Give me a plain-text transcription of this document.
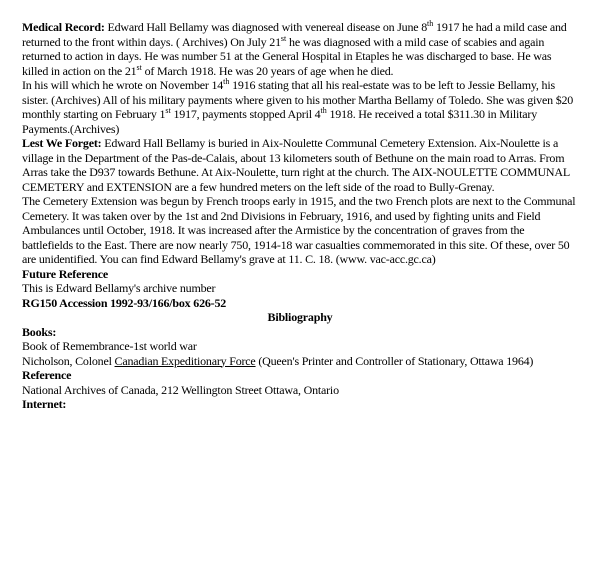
Medical Record: Edward Hall Bellamy was diagnosed with venereal disease on June 8th 1917 he had a mild case and returned to the front within days. ( Archives) On July 21st he was diagnosed with a mild case of scabies and again returned to action in days. He was number 51 at the General Hospital in Etaples he was discharged to base. He was killed in action on the 21st of March 1918. He was 20 years of age when he died.

In his will which he wrote on November 14th 1916 stating that all his real-estate was to be left to Jessie Bellamy, his sister. (Archives) All of his military payments where given to his mother Martha Bellamy of Toledo. She was given $20 monthly starting on February 1st 1917, payments stopped April 4th 1918. He received a total $311.30 in Military Payments.(Archives)

Lest We Forget: Edward Hall Bellamy is buried in Aix-Noulette Communal Cemetery Extension. Aix-Noulette is a village in the Department of the Pas-de-Calais, about 13 kilometers south of Bethune on the main road to Arras. From Arras take the D937 towards Bethune. At Aix-Noulette, turn right at the church. The AIX-NOULETTE COMMUNAL CEMETERY and EXTENSION are a few hundred meters on the left side of the road to Bully-Grenay.
The Cemetery Extension was begun by French troops early in 1915, and the two French plots are next to the Communal Cemetery. It was taken over by the 1st and 2nd Divisions in February, 1916, and used by fighting units and Field Ambulances until October, 1918. It was increased after the Armistice by the concentration of graves from the battlefields to the East. There are now nearly 750, 1914-18 war casualties commemorated in this site. Of these, over 50 are unidentified. You can find Edward Bellamy's grave at 11. C. 18. (www. vac-acc.gc.ca)

Future Reference

This is Edward Bellamy's archive number
RG150 Accession 1992-93/166/box 626-52

Bibliography

Books:
Book of Remembrance-1st world war

Nicholson, Colonel Canadian Expeditionary Force (Queen's Printer and Controller of Stationary, Ottawa 1964)

Reference

National Archives of Canada, 212 Wellington Street Ottawa, Ontario

Internet:
